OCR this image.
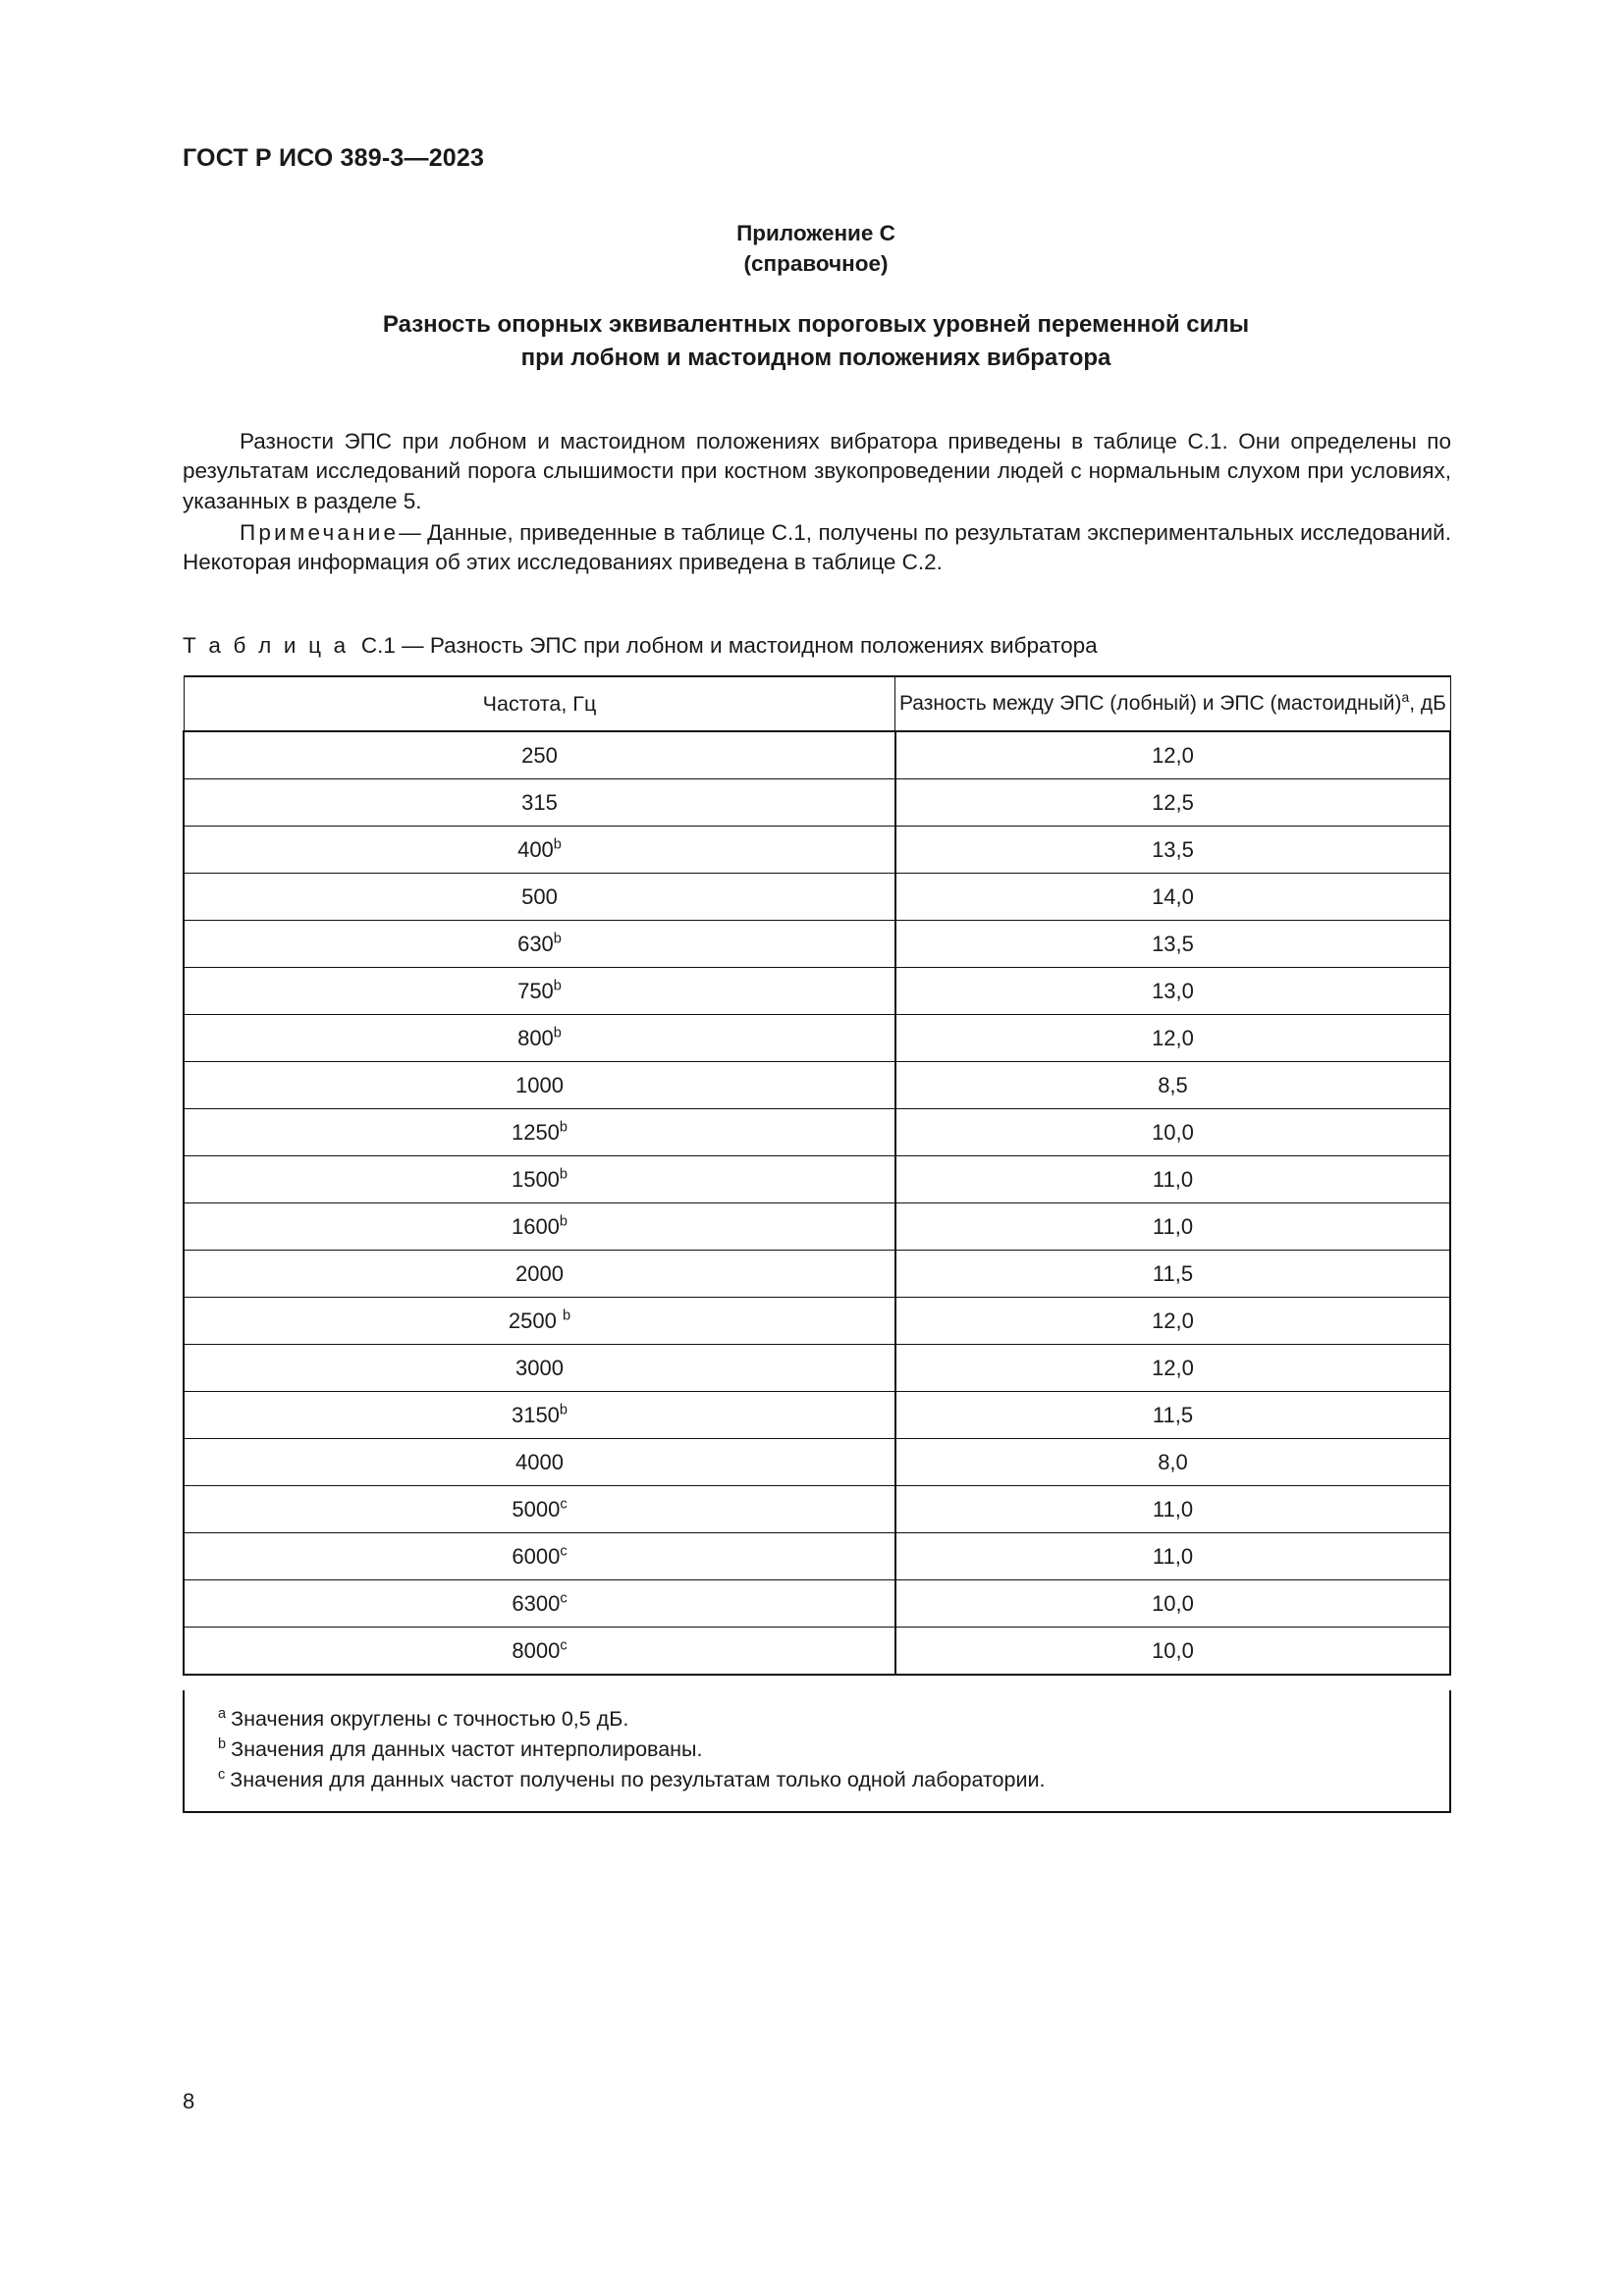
ГОСТ Р ИСО 389-3—2023
Приложение С
(справочное)
Разность опорных эквивалентных пороговых уровней переменной силы
при лобном и мастоидном положениях вибратора

Разности ЭПС при лобном и мастоидном положениях вибратора приведены в таблице С.1. Они определены по результатам исследований порога слышимости при костном звукопроведении людей с нормальным слухом при условиях, указанных в разделе 5.

Примечание— Данные, приведенные в таблице С.1, получены по результатам экспериментальных исследований. Некоторая информация об этих исследованиях приведена в таблице С.2.

Т а б л и ц а С.1 — Разность ЭПС при лобном и мастоидном положениях вибратора
Частота, Гц	Разность между ЭПС (лобный) и ЭПС (мастоидный)$^a$, дБ
250	12,0
315	12,5
400$^b$	13,5
500	14,0
630$^b$	13,5
750$^b$	13,0
800$^b$	12,0
1000	8,5
1250$^b$	10,0
1500$^b$	11,0
1600$^b$	11,0
2000	11,5
2500 $^b$	12,0
3000	12,0
3150$^b$	11,5
4000	8,0
5000$^c$	11,0
6000$^c$	11,0
6300$^c$	10,0
8000$^c$	10,0
$^a$ Значения округлены с точностью 0,5 дБ.
$^b$ Значения для данных частот интерполированы.
$^c$ Значения для данных частот получены по результатам только одной лаборатории.
8
